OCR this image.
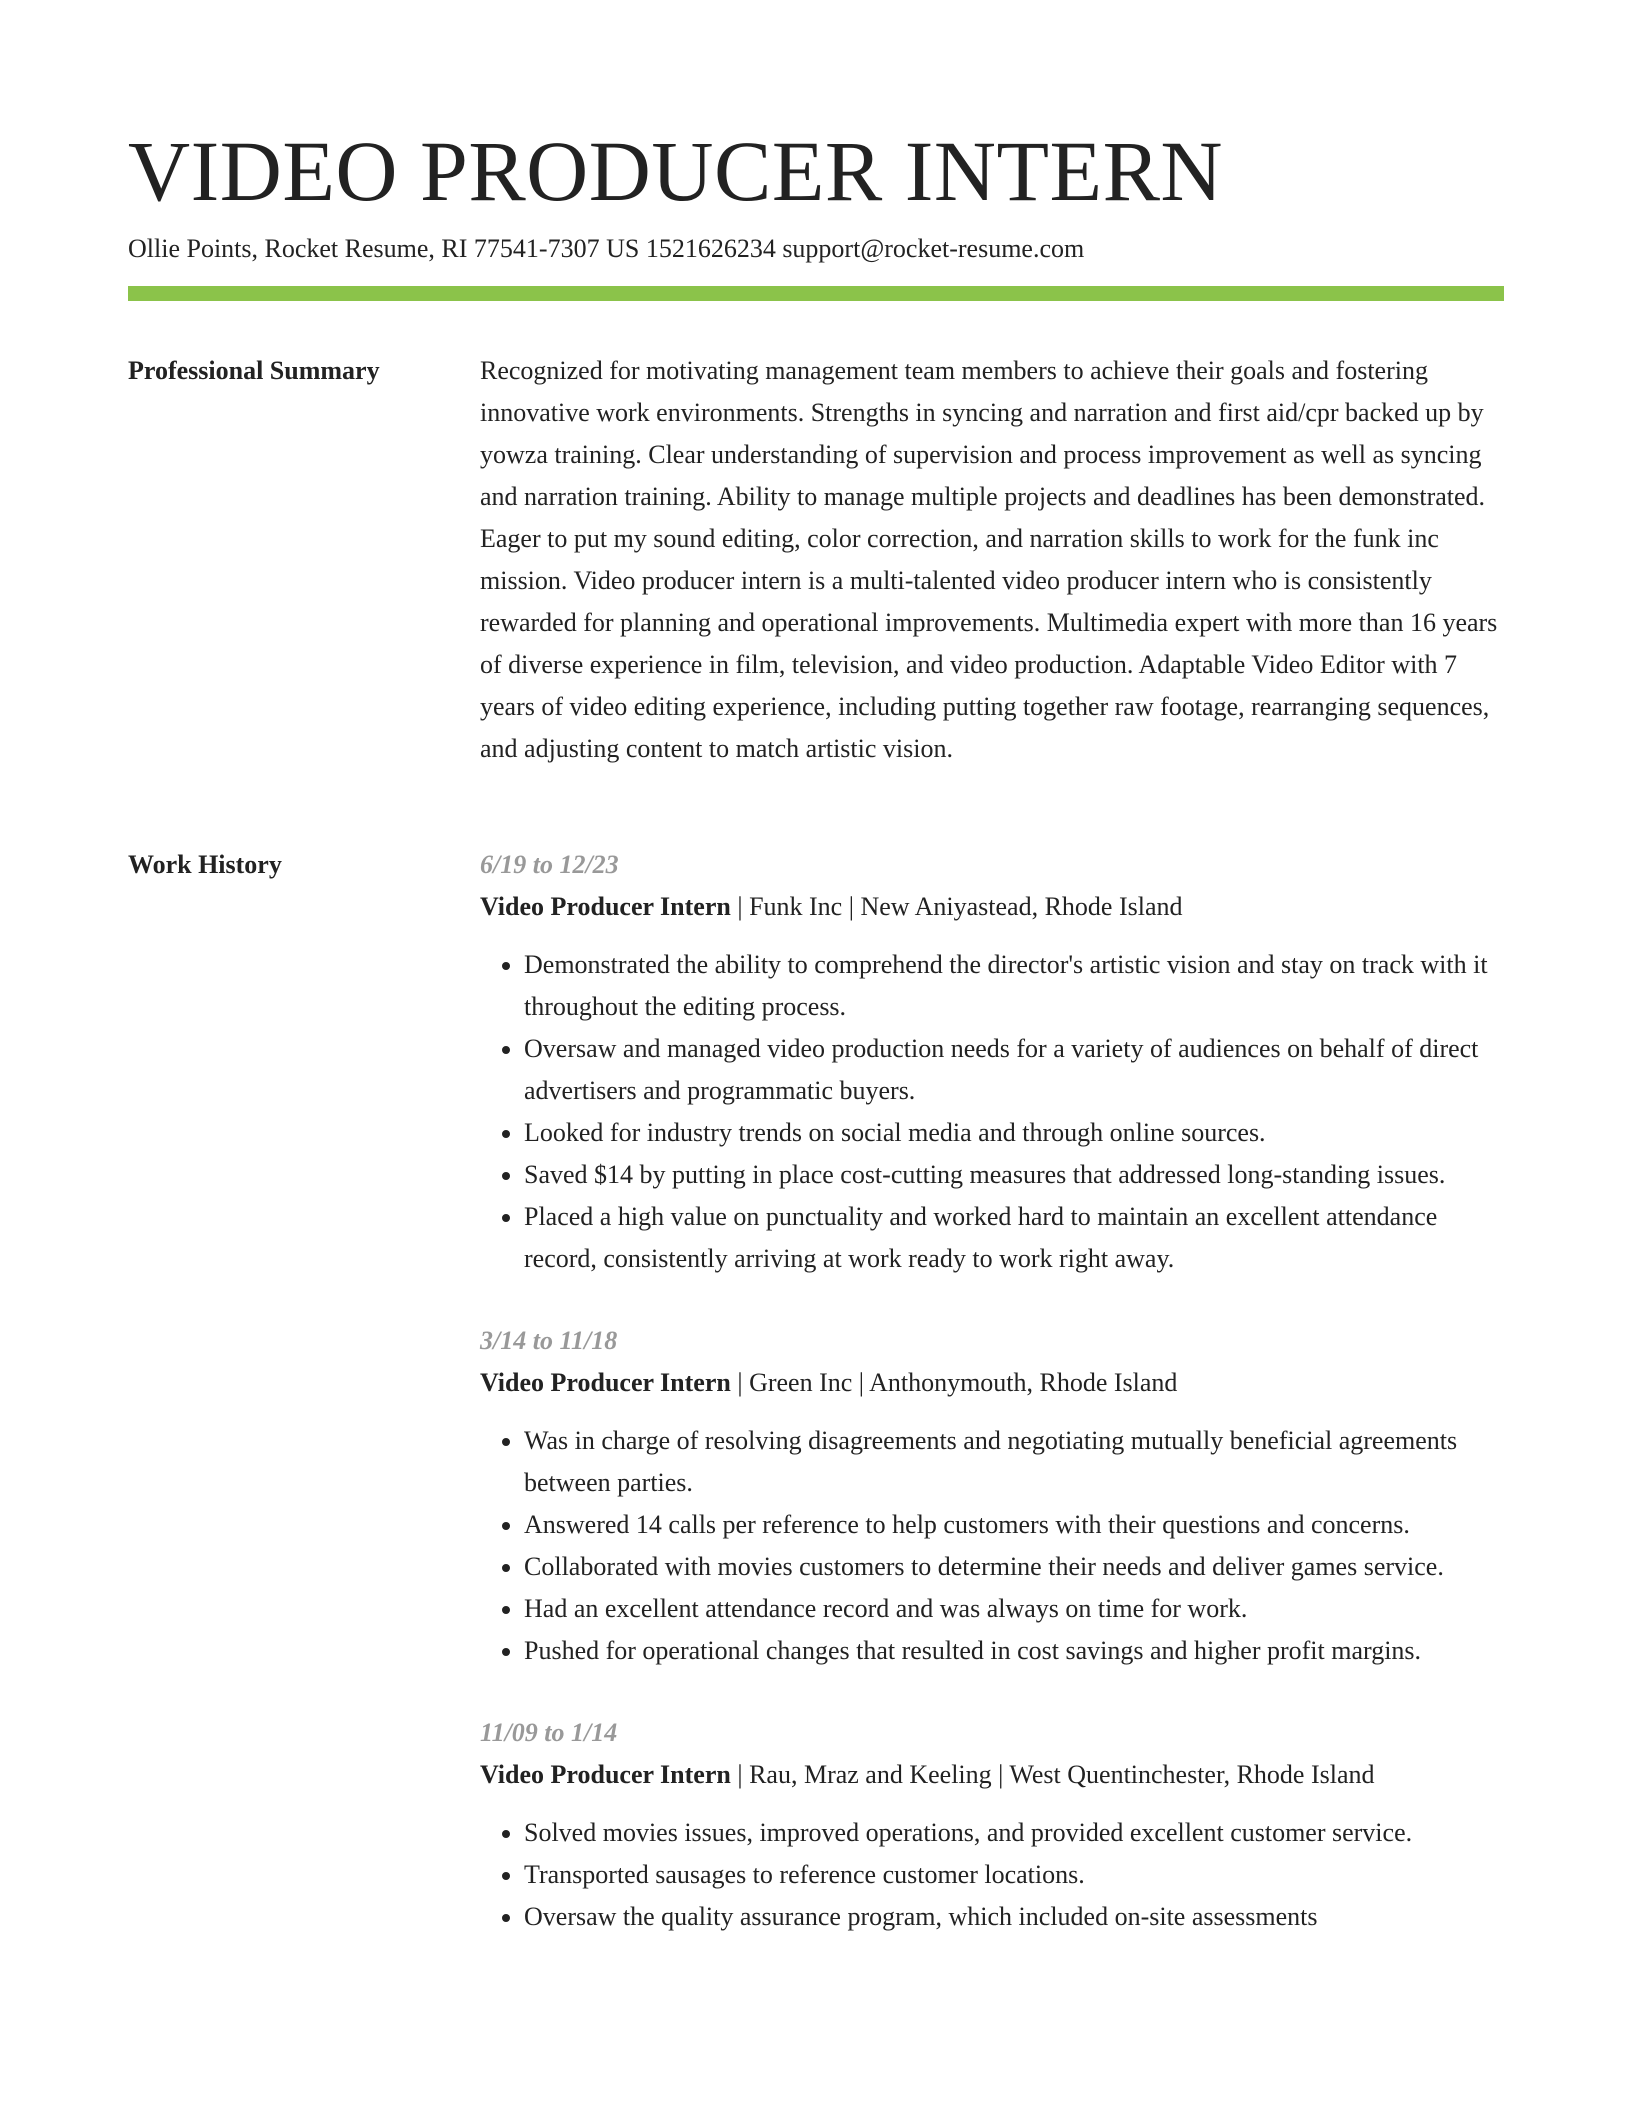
VIDEO PRODUCER INTERN
Ollie Points, Rocket Resume, RI 77541-7307 US 1521626234 support@rocket-resume.com
Professional Summary	Recognized for motivating management team members to achieve their goals and fostering innovative work environments. Strengths in syncing and narration and first aid/cpr backed up by yowza training. Clear understanding of supervision and process improvement as well as syncing and narration training. Ability to manage multiple projects and deadlines has been demonstrated. Eager to put my sound editing, color correction, and narration skills to work for the funk inc mission. Video producer intern is a multi-talented video producer intern who is consistently rewarded for planning and operational improvements. Multimedia expert with more than 16 years of diverse experience in film, television, and video production. Adaptable Video Editor with 7 years of video editing experience, including putting together raw footage, rearranging sequences, and adjusting content to match artistic vision.

Work History	6/19 to 12/23
Video Producer Intern | Funk Inc | New Aniyastead, Rhode Island
• Demonstrated the ability to comprehend the director's artistic vision and stay on track with it throughout the editing process.
• Oversaw and managed video production needs for a variety of audiences on behalf of direct advertisers and programmatic buyers.
• Looked for industry trends on social media and through online sources.
• Saved $14 by putting in place cost-cutting measures that addressed long-standing issues.
• Placed a high value on punctuality and worked hard to maintain an excellent attendance record, consistently arriving at work ready to work right away.
3/14 to 11/18
Video Producer Intern | Green Inc | Anthonymouth, Rhode Island
• Was in charge of resolving disagreements and negotiating mutually beneficial agreements between parties.
• Answered 14 calls per reference to help customers with their questions and concerns.
• Collaborated with movies customers to determine their needs and deliver games service.
• Had an excellent attendance record and was always on time for work.
• Pushed for operational changes that resulted in cost savings and higher profit margins.
11/09 to 1/14
Video Producer Intern | Rau, Mraz and Keeling | West Quentinchester, Rhode Island
• Solved movies issues, improved operations, and provided excellent customer service.
• Transported sausages to reference customer locations.
• Oversaw the quality assurance program, which included on-site assessments
